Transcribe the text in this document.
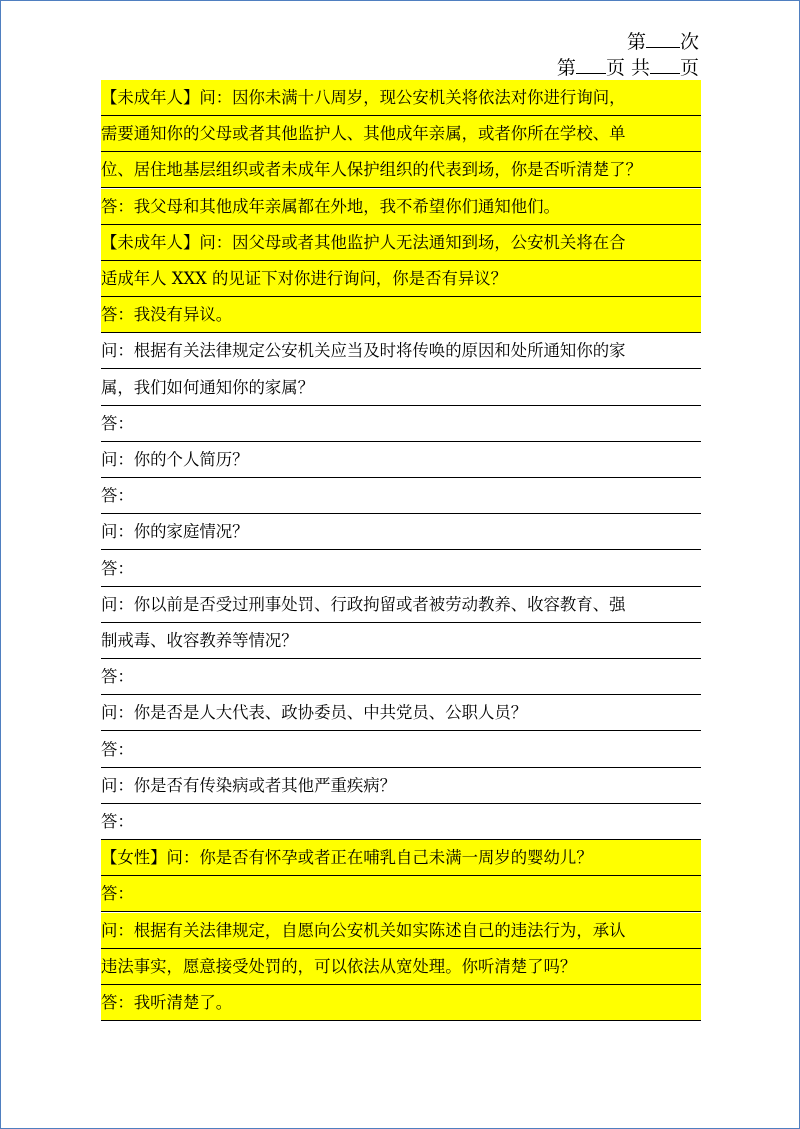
第 次
第 页 共 页
【未成年人】问：因你未满十八周岁，现公安机关将依法对你进行询问，
需要通知你的父母或者其他监护人、其他成年亲属，或者你所在学校、单
位、居住地基层组织或者未成年人保护组织的代表到场，你是否听清楚了？
答：我父母和其他成年亲属都在外地，我不希望你们通知他们。
【未成年人】问：因父母或者其他监护人无法通知到场，公安机关将在合
适成年人 XXX 的见证下对你进行询问，你是否有异议？
答：我没有异议。
问：根据有关法律规定公安机关应当及时将传唤的原因和处所通知你的家
属，我们如何通知你的家属？
答：
问：你的个人简历？
答：
问：你的家庭情况？
答：
问：你以前是否受过刑事处罚、行政拘留或者被劳动教养、收容教育、强
制戒毒、收容教养等情况？
答：
问：你是否是人大代表、政协委员、中共党员、公职人员？
答：
问：你是否有传染病或者其他严重疾病？
答：
【女性】问：你是否有怀孕或者正在哺乳自己未满一周岁的婴幼儿？
答：
问：根据有关法律规定，自愿向公安机关如实陈述自己的违法行为，承认
违法事实，愿意接受处罚的，可以依法从宽处理。你听清楚了吗？
答：我听清楚了。
